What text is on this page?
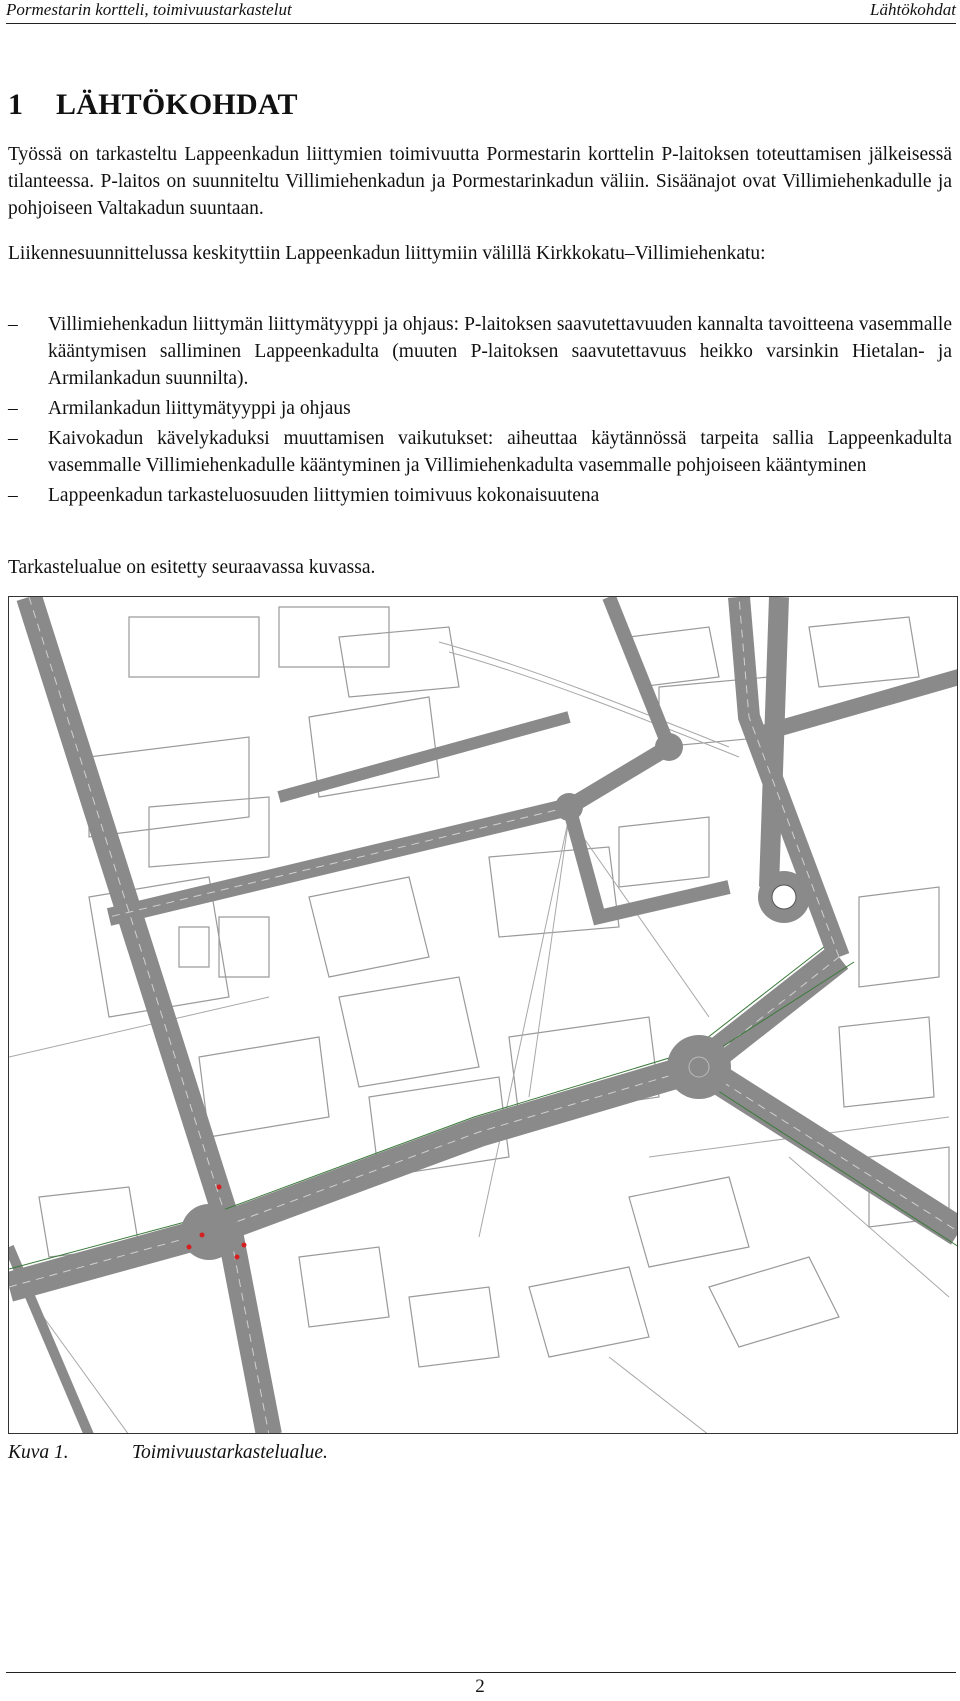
Pormestarin kortteli, toimivuustarkastelut	Lähtökohdat
1 LÄHTÖKOHDAT

Työssä on tarkasteltu Lappeenkadun liittymien toimivuutta Pormestarin korttelin P-laitoksen toteuttamisen jälkeisessä tilanteessa. P-laitos on suunniteltu Villimiehenkadun ja Pormestarinkadun väliin. Sisäänajot ovat Villimiehenkadulle ja pohjoiseen Valtakadun suuntaan.

Liikennesuunnittelussa keskityttiin Lappeenkadun liittymiin välillä Kirkkokatu–Villimiehenkatu:

– Villimiehenkadun liittymän liittymätyyppi ja ohjaus: P-laitoksen saavutettavuuden kannalta tavoitteena vasemmalle kääntymisen salliminen Lappeenkadulta (muuten P-laitoksen saavutettavuus heikko varsinkin Hietalan- ja Armilankadun suunnilta).
– Armilankadun liittymätyyppi ja ohjaus
– Kaivokadun kävelykaduksi muuttamisen vaikutukset: aiheuttaa käytännössä tarpeita sallia Lappeenkadulta vasemmalle Villimiehenkadulle kääntyminen ja Villimiehenkadulta vasemmalle pohjoiseen kääntyminen
– Lappeenkadun tarkasteluosuuden liittymien toimivuus kokonaisuutena

Tarkastelualue on esitetty seuraavassa kuvassa.

Kuva 1.	Toimivuustarkastelualue.
2
